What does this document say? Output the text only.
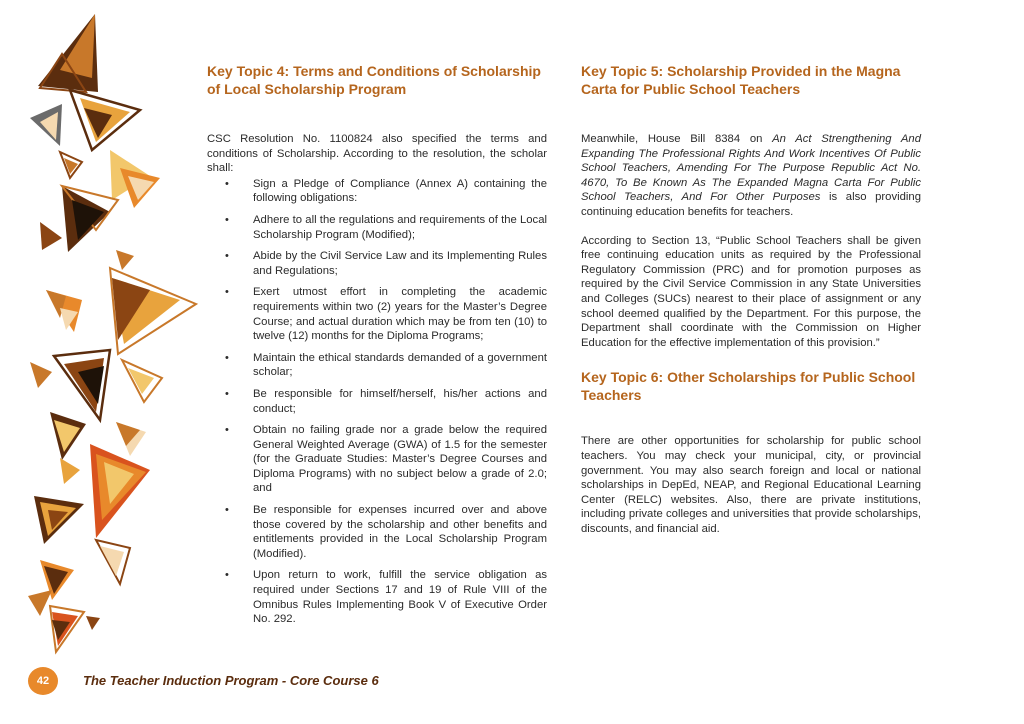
Key Topic 4: Terms and Conditions of Scholarship of Local Scholarship Program

CSC Resolution No. 1100824 also specified the terms and conditions of Scholarship. According to the resolution, the scholar shall:

• Sign a Pledge of Compliance (Annex A) containing the following obligations:
• Adhere to all the regulations and requirements of the Local Scholarship Program (Modified);
• Abide by the Civil Service Law and its Implementing Rules and Regulations;
• Exert utmost effort in completing the academic requirements within two (2) years for the Master’s Degree Course; and actual duration which may be from ten (10) to twelve (12) months for the Diploma Programs;
• Maintain the ethical standards demanded of a government scholar;
• Be responsible for himself/herself, his/her actions and conduct;
• Obtain no failing grade nor a grade below the required General Weighted Average (GWA) of 1.5 for the semester (for the Graduate Studies: Master’s Degree Courses and Diploma Programs) with no subject below a grade of 2.0; and
• Be responsible for expenses incurred over and above those covered by the scholarship and other benefits and entitlements provided in the Local Scholarship Program (Modified).
• Upon return to work, fulfill the service obligation as required under Sections 17 and 19 of Rule VIII of the Omnibus Rules Implementing Book V of Executive Order No. 292.
Key Topic 5: Scholarship Provided in the Magna Carta for Public School Teachers

Meanwhile, House Bill 8384 on An Act Strengthening And Expanding The Professional Rights And Work Incentives Of Public School Teachers, Amending For The Purpose Republic Act No. 4670, To Be Known As The Expanded Magna Carta For Public School Teachers, And For Other Purposes is also providing continuing education benefits for teachers.

According to Section 13, “Public School Teachers shall be given free continuing education units as required by the Professional Regulatory Commission (PRC) and for promotion purposes as required by the Civil Service Commission in any State Universities and Colleges (SUCs) nearest to their place of assignment or any school deemed qualified by the Department. For this purpose, the Department shall coordinate with the Commission on Higher Education for the effective implementation of this provision.”

Key Topic 6: Other Scholarships for Public School Teachers

There are other opportunities for scholarship for public school teachers. You may check your municipal, city, or provincial government. You may also search foreign and local or national scholarships in DepEd, NEAP, and Regional Educational Learning Center (RELC) websites. Also, there are private institutions, including private colleges and universities that provide scholarships, discounts, and financial aid.

42	The Teacher Induction Program - Core Course 6
